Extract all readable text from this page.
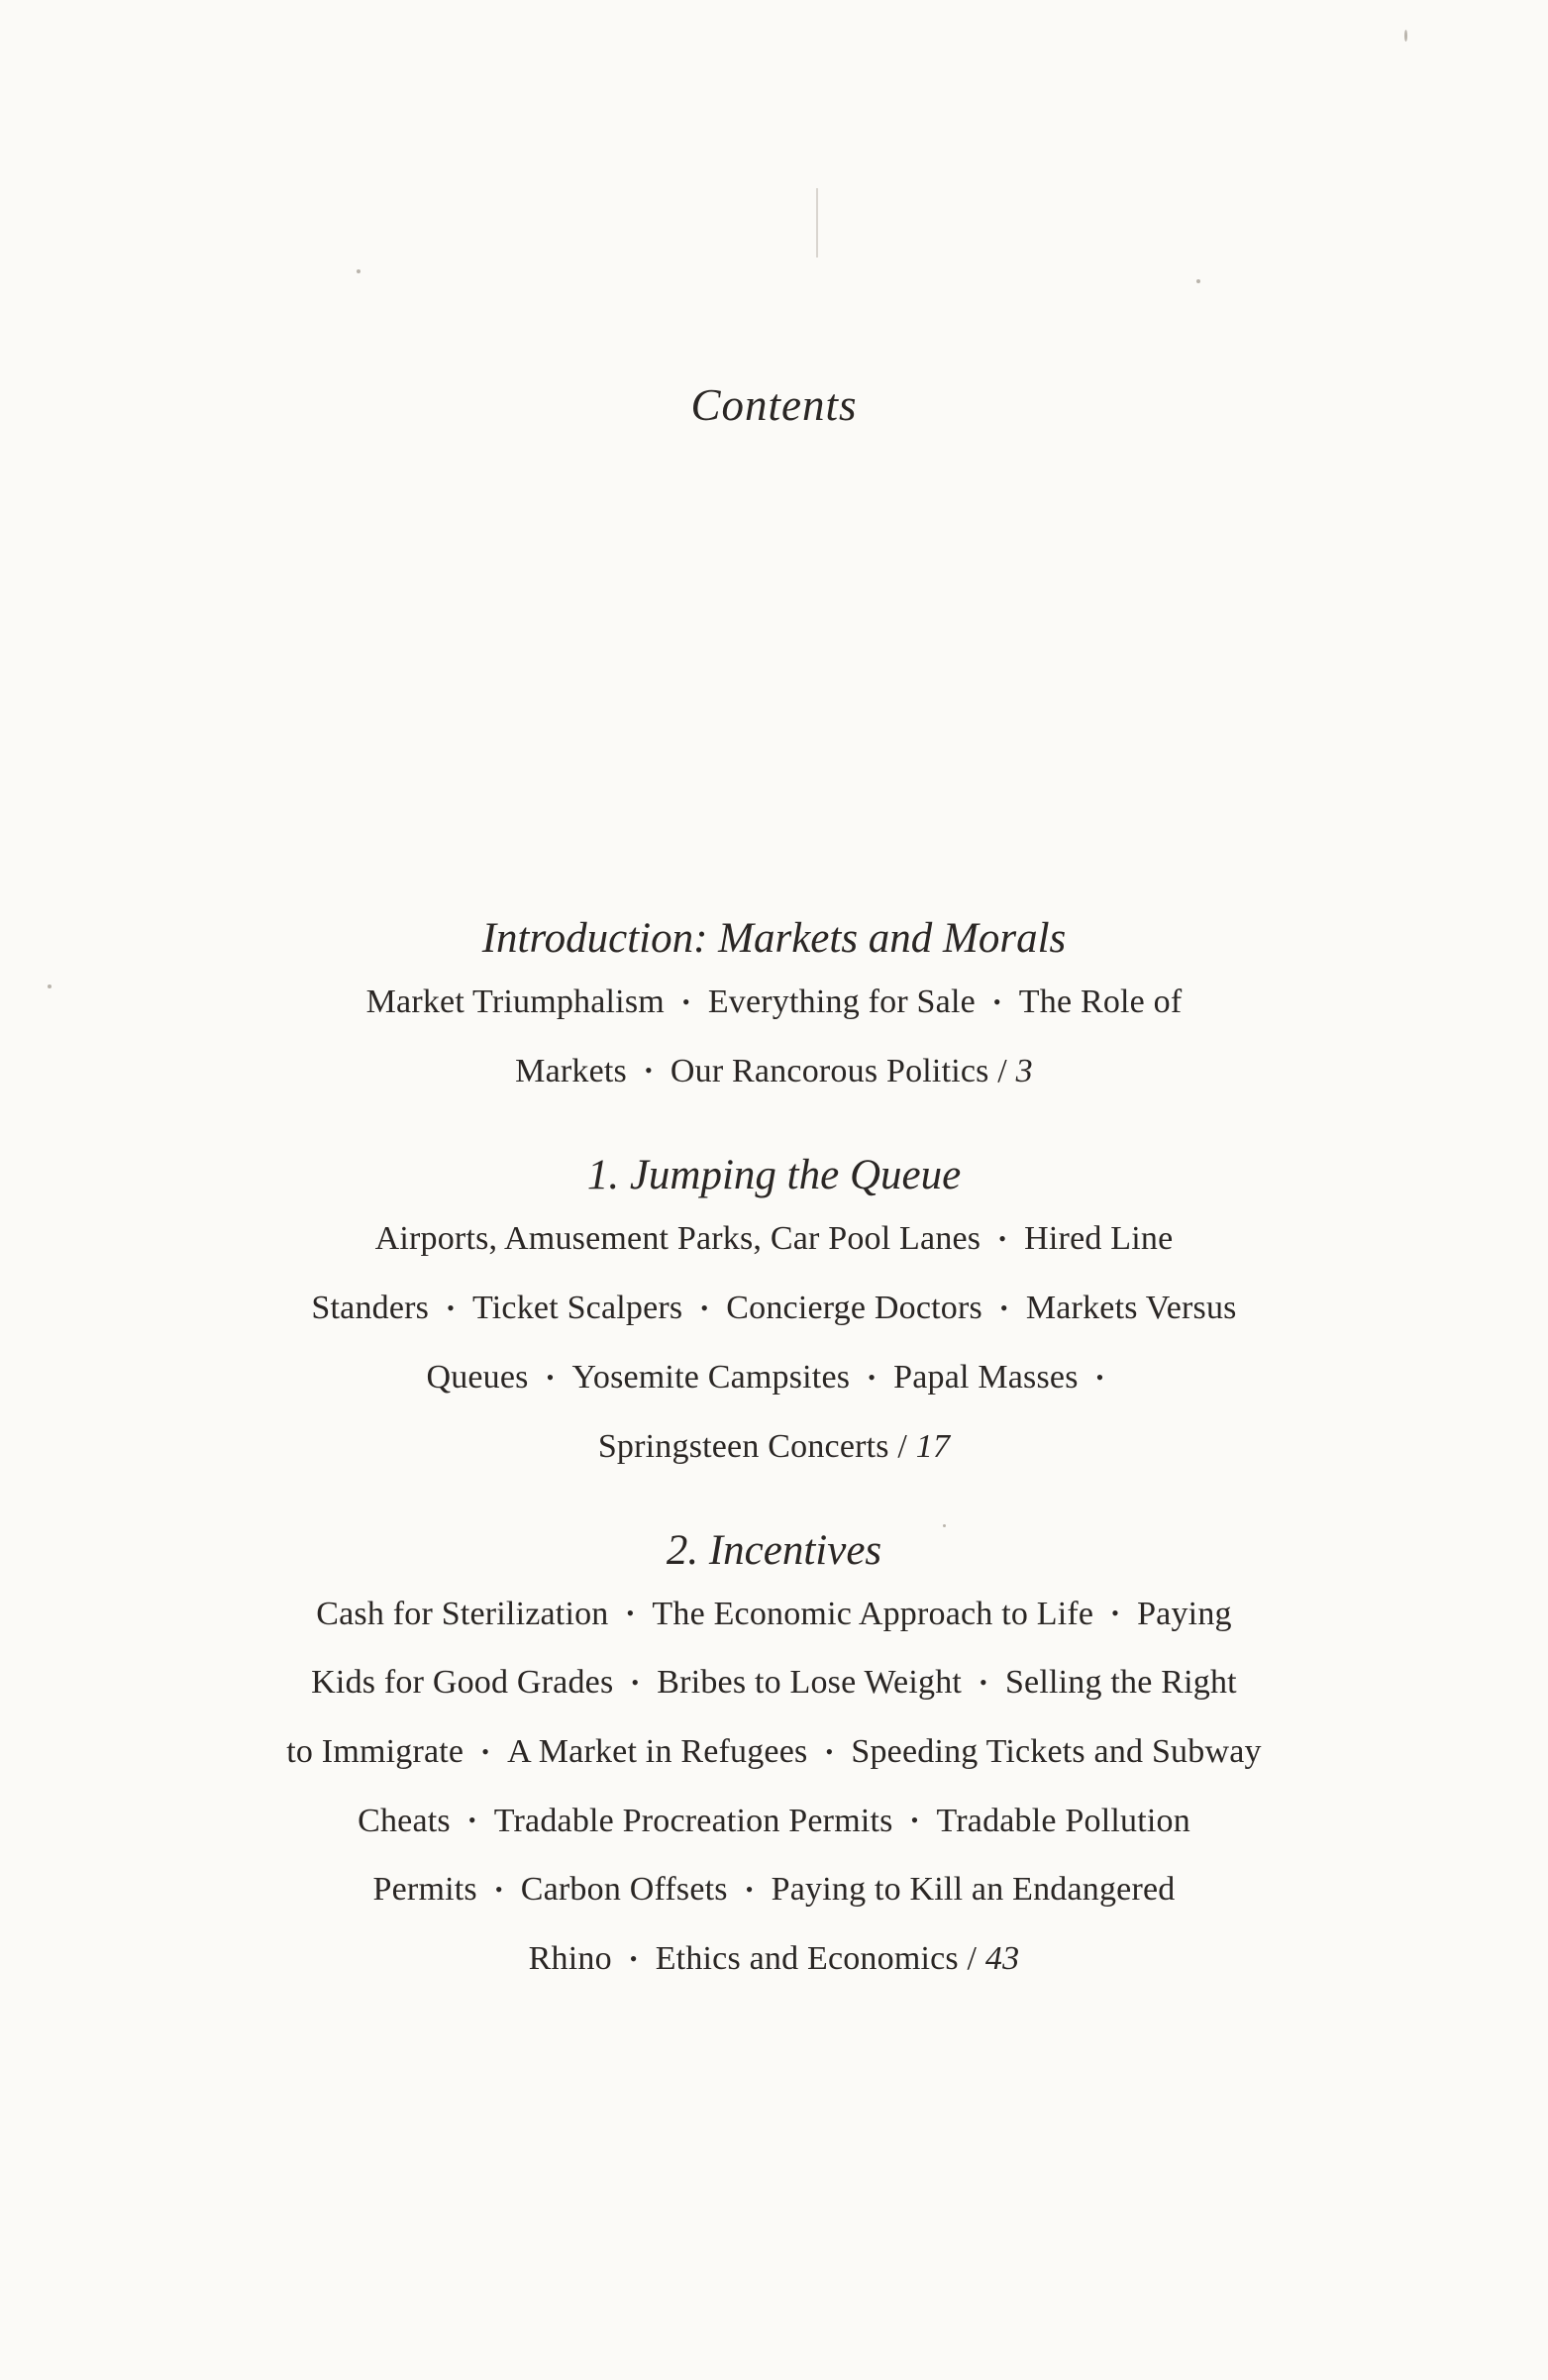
Contents
Introduction: Markets and Morals
Market Triumphalism • Everything for Sale • The Role of
Markets • Our Rancorous Politics / 3
1. Jumping the Queue
Airports, Amusement Parks, Car Pool Lanes • Hired Line
Standers • Ticket Scalpers • Concierge Doctors • Markets Versus
Queues • Yosemite Campsites • Papal Masses •
Springsteen Concerts / 17
2. Incentives
Cash for Sterilization • The Economic Approach to Life • Paying
Kids for Good Grades • Bribes to Lose Weight • Selling the Right
to Immigrate • A Market in Refugees • Speeding Tickets and Subway
Cheats • Tradable Procreation Permits • Tradable Pollution
Permits • Carbon Offsets • Paying to Kill an Endangered
Rhino • Ethics and Economics / 43
